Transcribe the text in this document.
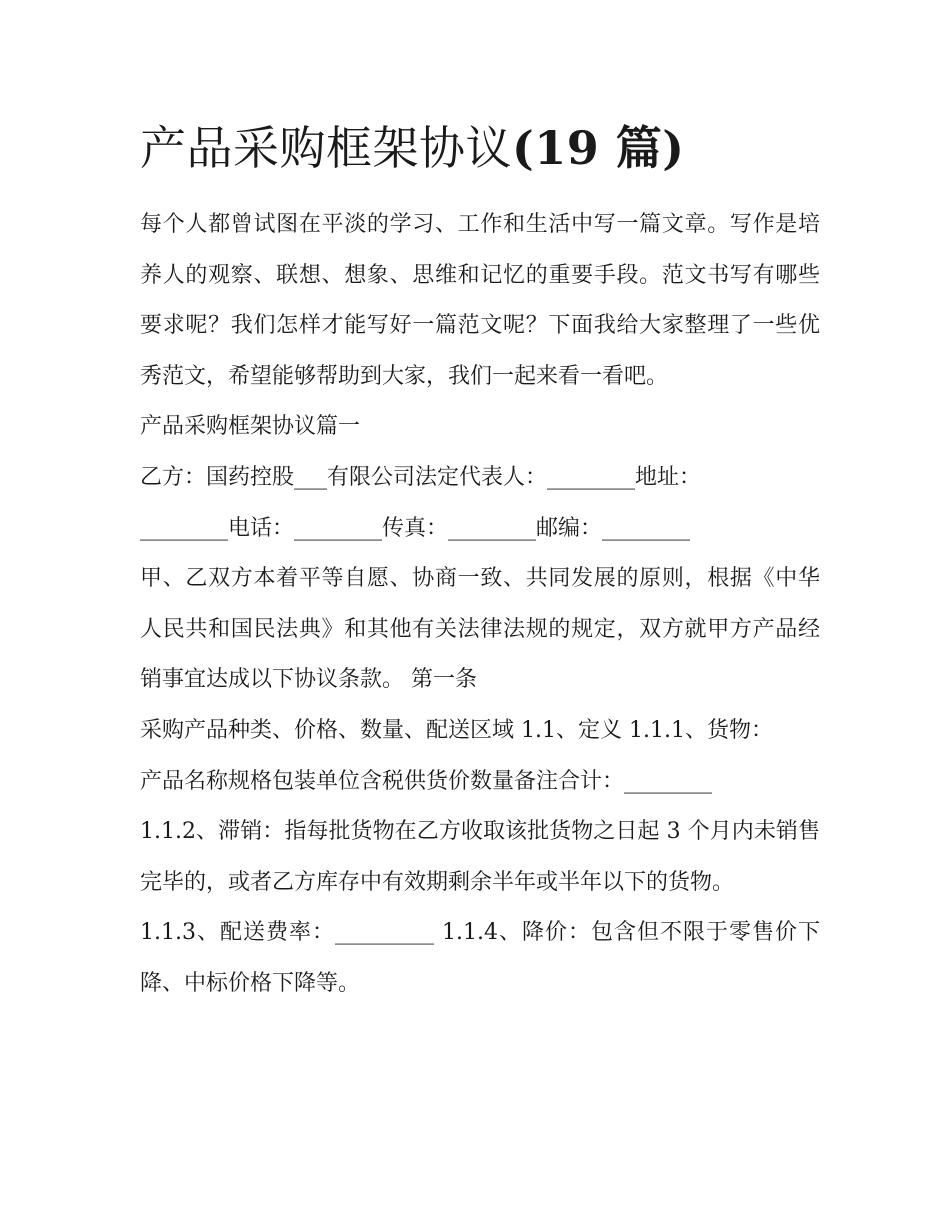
产品采购框架协议(19 篇)

每个人都曾试图在平淡的学习、工作和生活中写一篇文章。写作是培养人的观察、联想、想象、思维和记忆的重要手段。范文书写有哪些要求呢？我们怎样才能写好一篇范文呢？下面我给大家整理了一些优秀范文，希望能够帮助到大家，我们一起来看一看吧。

产品采购框架协议篇一

乙方：国药控股___有限公司法定代表人：________地址：

________电话：________传真：________邮编：________

甲、乙双方本着平等自愿、协商一致、共同发展的原则，根据《中华人民共和国民法典》和其他有关法律法规的规定，双方就甲方产品经销事宜达成以下协议条款。 第一条

采购产品种类、价格、数量、配送区域 1.1、定义 1.1.1、货物：

产品名称规格包装单位含税供货价数量备注合计：________

1.1.2、滞销：指每批货物在乙方收取该批货物之日起 3 个月内未销售完毕的，或者乙方库存中有效期剩余半年或半年以下的货物。

1.1.3、配送费率：_________ 1.1.4、降价：包含但不限于零售价下降、中标价格下降等。
